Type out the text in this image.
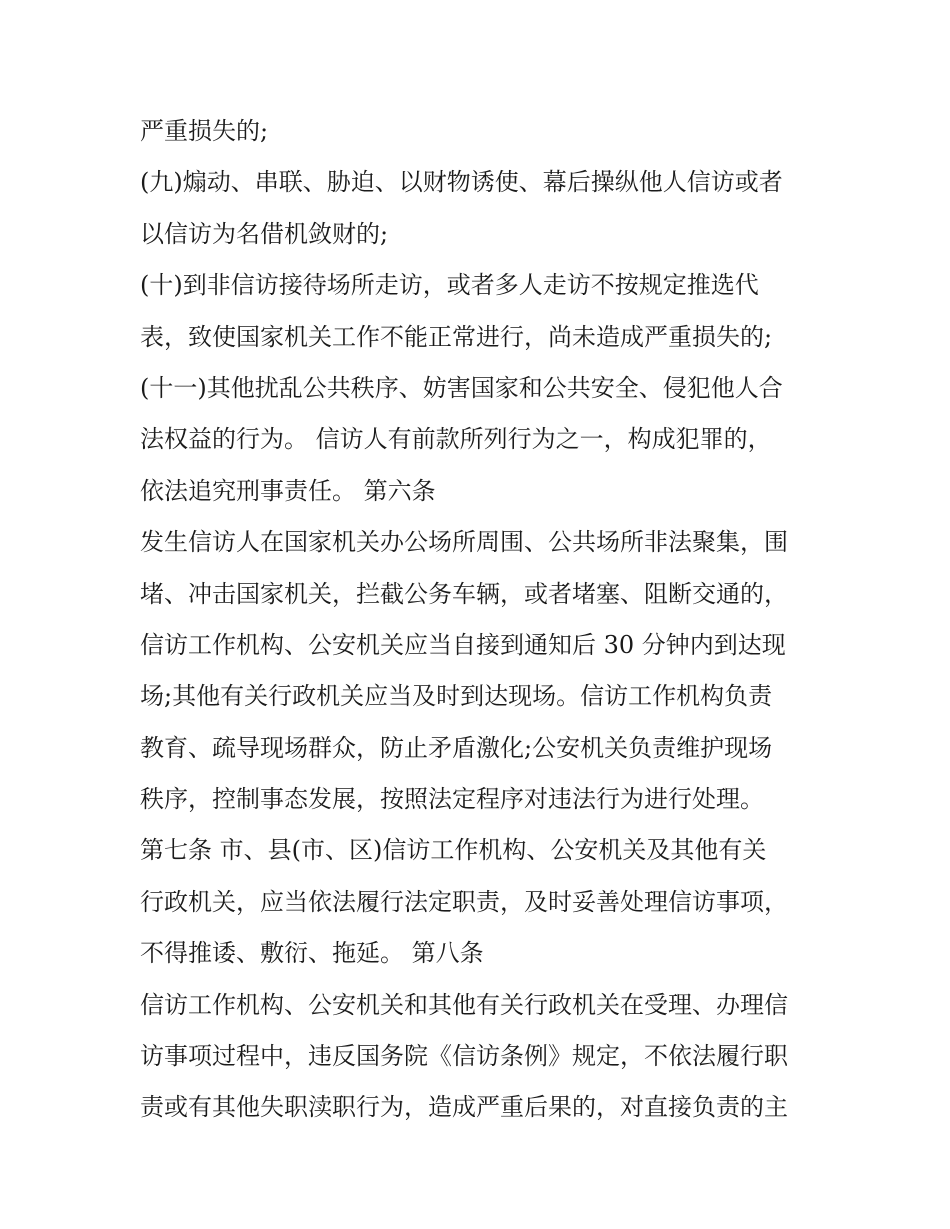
严重损失的;
(九)煽动、串联、胁迫、以财物诱使、幕后操纵他人信访或者
以信访为名借机敛财的;
(十)到非信访接待场所走访，或者多人走访不按规定推选代
表，致使国家机关工作不能正常进行，尚未造成严重损失的;
(十一)其他扰乱公共秩序、妨害国家和公共安全、侵犯他人合
法权益的行为。 信访人有前款所列行为之一，构成犯罪的，
依法追究刑事责任。 第六条
发生信访人在国家机关办公场所周围、公共场所非法聚集，围
堵、冲击国家机关，拦截公务车辆，或者堵塞、阻断交通的，
信访工作机构、公安机关应当自接到通知后 30 分钟内到达现
场;其他有关行政机关应当及时到达现场。信访工作机构负责
教育、疏导现场群众，防止矛盾激化;公安机关负责维护现场
秩序，控制事态发展，按照法定程序对违法行为进行处理。
第七条 市、县(市、区)信访工作机构、公安机关及其他有关
行政机关，应当依法履行法定职责，及时妥善处理信访事项，
不得推诿、敷衍、拖延。 第八条
信访工作机构、公安机关和其他有关行政机关在受理、办理信
访事项过程中，违反国务院《信访条例》规定，不依法履行职
责或有其他失职渎职行为，造成严重后果的，对直接负责的主
